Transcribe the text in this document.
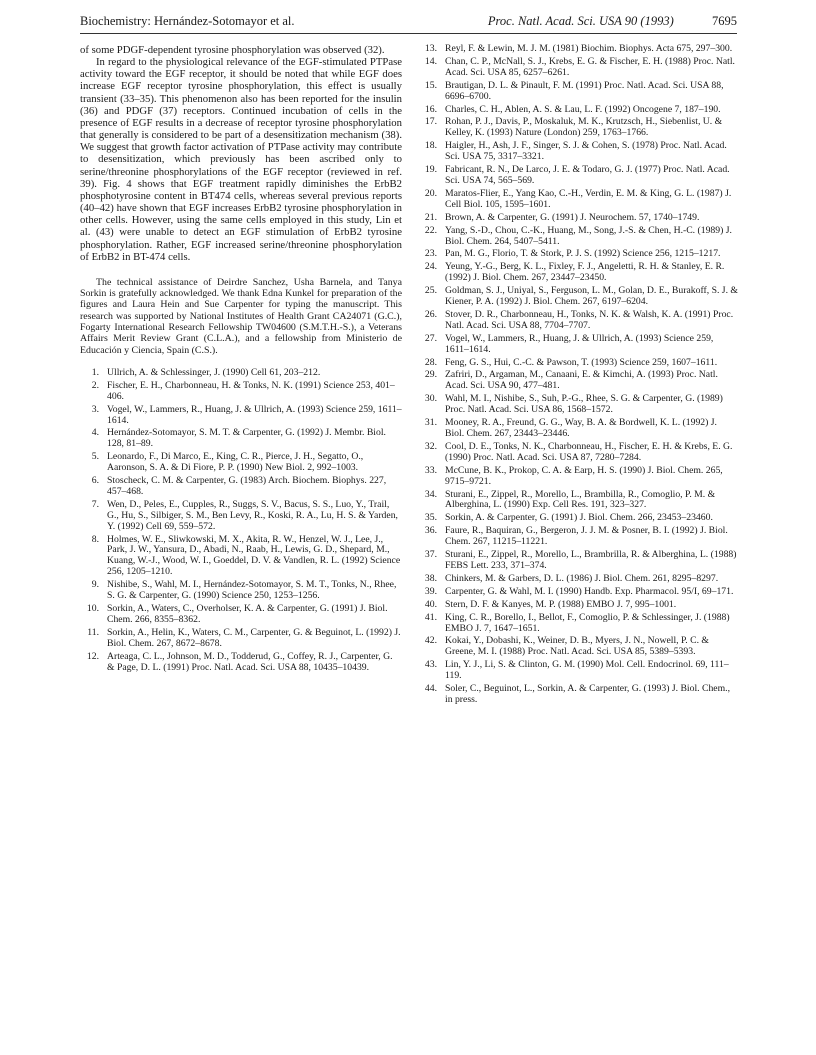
Biochemistry: Hernández-Sotomayor et al.	Proc. Natl. Acad. Sci. USA 90 (1993)	7695

of some PDGF-dependent tyrosine phosphorylation was observed (32).

In regard to the physiological relevance of the EGF-stimulated PTPase activity toward the EGF receptor, it should be noted that while EGF does increase EGF receptor tyrosine phosphorylation, this effect is usually transient (33–35). This phenomenon also has been reported for the insulin (36) and PDGF (37) receptors. Continued incubation of cells in the presence of EGF results in a decrease of receptor tyrosine phosphorylation that generally is considered to be part of a desensitization mechanism (38). We suggest that growth factor activation of PTPase activity may contribute to desensitization, which previously has been ascribed only to serine/threonine phosphorylations of the EGF receptor (reviewed in ref. 39). Fig. 4 shows that EGF treatment rapidly diminishes the ErbB2 phosphotyrosine content in BT474 cells, whereas several previous reports (40–42) have shown that EGF increases ErbB2 tyrosine phosphorylation in other cells. However, using the same cells employed in this study, Lin et al. (43) were unable to detect an EGF stimulation of ErbB2 tyrosine phosphorylation. Rather, EGF increased serine/threonine phosphorylation of ErbB2 in BT-474 cells.

The technical assistance of Deirdre Sanchez, Usha Barnela, and Tanya Sorkin is gratefully acknowledged. We thank Edna Kunkel for preparation of the figures and Laura Hein and Sue Carpenter for typing the manuscript. This research was supported by National Institutes of Health Grant CA24071 (G.C.), Fogarty International Research Fellowship TW04600 (S.M.T.H.-S.), a Veterans Affairs Merit Review Grant (C.L.A.), and a fellowship from Ministerio de Educación y Ciencia, Spain (C.S.).

1. Ullrich, A. & Schlessinger, J. (1990) Cell 61, 203–212.
2. Fischer, E. H., Charbonneau, H. & Tonks, N. K. (1991) Science 253, 401–406.
3. Vogel, W., Lammers, R., Huang, J. & Ullrich, A. (1993) Science 259, 1611–1614.
4. Hernández-Sotomayor, S. M. T. & Carpenter, G. (1992) J. Membr. Biol. 128, 81–89.
5. Leonardo, F., Di Marco, E., King, C. R., Pierce, J. H., Segatto, O., Aaronson, S. A. & Di Fiore, P. P. (1990) New Biol. 2, 992–1003.
6. Stoscheck, C. M. & Carpenter, G. (1983) Arch. Biochem. Biophys. 227, 457–468.
7. Wen, D., Peles, E., Cupples, R., Suggs, S. V., Bacus, S. S., Luo, Y., Trail, G., Hu, S., Silbiger, S. M., Ben Levy, R., Koski, R. A., Lu, H. S. & Yarden, Y. (1992) Cell 69, 559–572.
8. Holmes, W. E., Sliwkowski, M. X., Akita, R. W., Henzel, W. J., Lee, J., Park, J. W., Yansura, D., Abadi, N., Raab, H., Lewis, G. D., Shepard, M., Kuang, W.-J., Wood, W. I., Goeddel, D. V. & Vandlen, R. L. (1992) Science 256, 1205–1210.
9. Nishibe, S., Wahl, M. I., Hernández-Sotomayor, S. M. T., Tonks, N., Rhee, S. G. & Carpenter, G. (1990) Science 250, 1253–1256.
10. Sorkin, A., Waters, C., Overholser, K. A. & Carpenter, G. (1991) J. Biol. Chem. 266, 8355–8362.
11. Sorkin, A., Helin, K., Waters, C. M., Carpenter, G. & Beguinot, L. (1992) J. Biol. Chem. 267, 8672–8678.
12. Arteaga, C. L., Johnson, M. D., Todderud, G., Coffey, R. J., Carpenter, G. & Page, D. L. (1991) Proc. Natl. Acad. Sci. USA 88, 10435–10439.
13. Reyl, F. & Lewin, M. J. M. (1981) Biochim. Biophys. Acta 675, 297–300.
14. Chan, C. P., McNall, S. J., Krebs, E. G. & Fischer, E. H. (1988) Proc. Natl. Acad. Sci. USA 85, 6257–6261.
15. Brautigan, D. L. & Pinault, F. M. (1991) Proc. Natl. Acad. Sci. USA 88, 6696–6700.
16. Charles, C. H., Ablen, A. S. & Lau, L. F. (1992) Oncogene 7, 187–190.
17. Rohan, P. J., Davis, P., Moskaluk, M. K., Krutzsch, H., Siebenlist, U. & Kelley, K. (1993) Nature (London) 259, 1763–1766.
18. Haigler, H., Ash, J. F., Singer, S. J. & Cohen, S. (1978) Proc. Natl. Acad. Sci. USA 75, 3317–3321.
19. Fabricant, R. N., De Larco, J. E. & Todaro, G. J. (1977) Proc. Natl. Acad. Sci. USA 74, 565–569.
20. Maratos-Flier, E., Yang Kao, C.-H., Verdin, E. M. & King, G. L. (1987) J. Cell Biol. 105, 1595–1601.
21. Brown, A. & Carpenter, G. (1991) J. Neurochem. 57, 1740–1749.
22. Yang, S.-D., Chou, C.-K., Huang, M., Song, J.-S. & Chen, H.-C. (1989) J. Biol. Chem. 264, 5407–5411.
23. Pan, M. G., Florio, T. & Stork, P. J. S. (1992) Science 256, 1215–1217.
24. Yeung, Y.-G., Berg, K. L., Fixley, F. J., Angeletti, R. H. & Stanley, E. R. (1992) J. Biol. Chem. 267, 23447–23450.
25. Goldman, S. J., Uniyal, S., Ferguson, L. M., Golan, D. E., Burakoff, S. J. & Kiener, P. A. (1992) J. Biol. Chem. 267, 6197–6204.
26. Stover, D. R., Charbonneau, H., Tonks, N. K. & Walsh, K. A. (1991) Proc. Natl. Acad. Sci. USA 88, 7704–7707.
27. Vogel, W., Lammers, R., Huang, J. & Ullrich, A. (1993) Science 259, 1611–1614.
28. Feng, G. S., Hui, C.-C. & Pawson, T. (1993) Science 259, 1607–1611.
29. Zafriri, D., Argaman, M., Canaani, E. & Kimchi, A. (1993) Proc. Natl. Acad. Sci. USA 90, 477–481.
30. Wahl, M. I., Nishibe, S., Suh, P.-G., Rhee, S. G. & Carpenter, G. (1989) Proc. Natl. Acad. Sci. USA 86, 1568–1572.
31. Mooney, R. A., Freund, G. G., Way, B. A. & Bordwell, K. L. (1992) J. Biol. Chem. 267, 23443–23446.
32. Cool, D. E., Tonks, N. K., Charbonneau, H., Fischer, E. H. & Krebs, E. G. (1990) Proc. Natl. Acad. Sci. USA 87, 7280–7284.
33. McCune, B. K., Prokop, C. A. & Earp, H. S. (1990) J. Biol. Chem. 265, 9715–9721.
34. Sturani, E., Zippel, R., Morello, L., Brambilla, R., Comoglio, P. M. & Alberghina, L. (1990) Exp. Cell Res. 191, 323–327.
35. Sorkin, A. & Carpenter, G. (1991) J. Biol. Chem. 266, 23453–23460.
36. Faure, R., Baquiran, G., Bergeron, J. J. M. & Posner, B. I. (1992) J. Biol. Chem. 267, 11215–11221.
37. Sturani, E., Zippel, R., Morello, L., Brambrilla, R. & Alberghina, L. (1988) FEBS Lett. 233, 371–374.
38. Chinkers, M. & Garbers, D. L. (1986) J. Biol. Chem. 261, 8295–8297.
39. Carpenter, G. & Wahl, M. I. (1990) Handb. Exp. Pharmacol. 95/I, 69–171.
40. Stern, D. F. & Kanyes, M. P. (1988) EMBO J. 7, 995–1001.
41. King, C. R., Borello, I., Bellot, F., Comoglio, P. & Schlessinger, J. (1988) EMBO J. 7, 1647–1651.
42. Kokai, Y., Dobashi, K., Weiner, D. B., Myers, J. N., Nowell, P. C. & Greene, M. I. (1988) Proc. Natl. Acad. Sci. USA 85, 5389–5393.
43. Lin, Y. J., Li, S. & Clinton, G. M. (1990) Mol. Cell. Endocrinol. 69, 111–119.
44. Soler, C., Beguinot, L., Sorkin, A. & Carpenter, G. (1993) J. Biol. Chem., in press.
